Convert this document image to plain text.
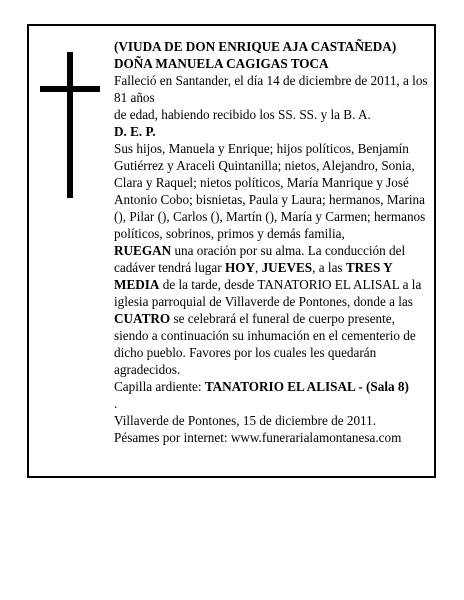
(VIUDA DE DON ENRIQUE AJA CASTAÑEDA)

DOÑA MANUELA CAGIGAS TOCA

Falleció en Santander, el día 14 de diciembre de 2011, a los 81 años

de edad, habiendo recibido los SS. SS. y la B. A.

D. E. P.

Sus hijos, Manuela y Enrique; hijos políticos, Benjamín Gutiérrez y Araceli Quintanilla; nietos, Alejandro, Sonia, Clara y Raquel; nietos políticos, María Manrique y José Antonio Cobo; bisnietas, Paula y Laura; hermanos, Marina (), Pilar (), Carlos (), Martín (), María y Carmen; hermanos políticos, sobrinos, primos y demás familia,

RUEGAN una oración por su alma. La conducción del cadáver tendrá lugar HOY, JUEVES, a las TRES Y MEDIA de la tarde, desde TANATORIO EL ALISAL a la iglesia parroquial de Villaverde de Pontones, donde a las CUATRO se celebrará el funeral de cuerpo presente, siendo a continuación su inhumación en el cementerio de dicho pueblo. Favores por los cuales les quedarán agradecidos.

Capilla ardiente: TANATORIO EL ALISAL - (Sala 8)
.

Villaverde de Pontones, 15 de diciembre de 2011.

Pésames por internet: www.funerarialamontanesa.com
